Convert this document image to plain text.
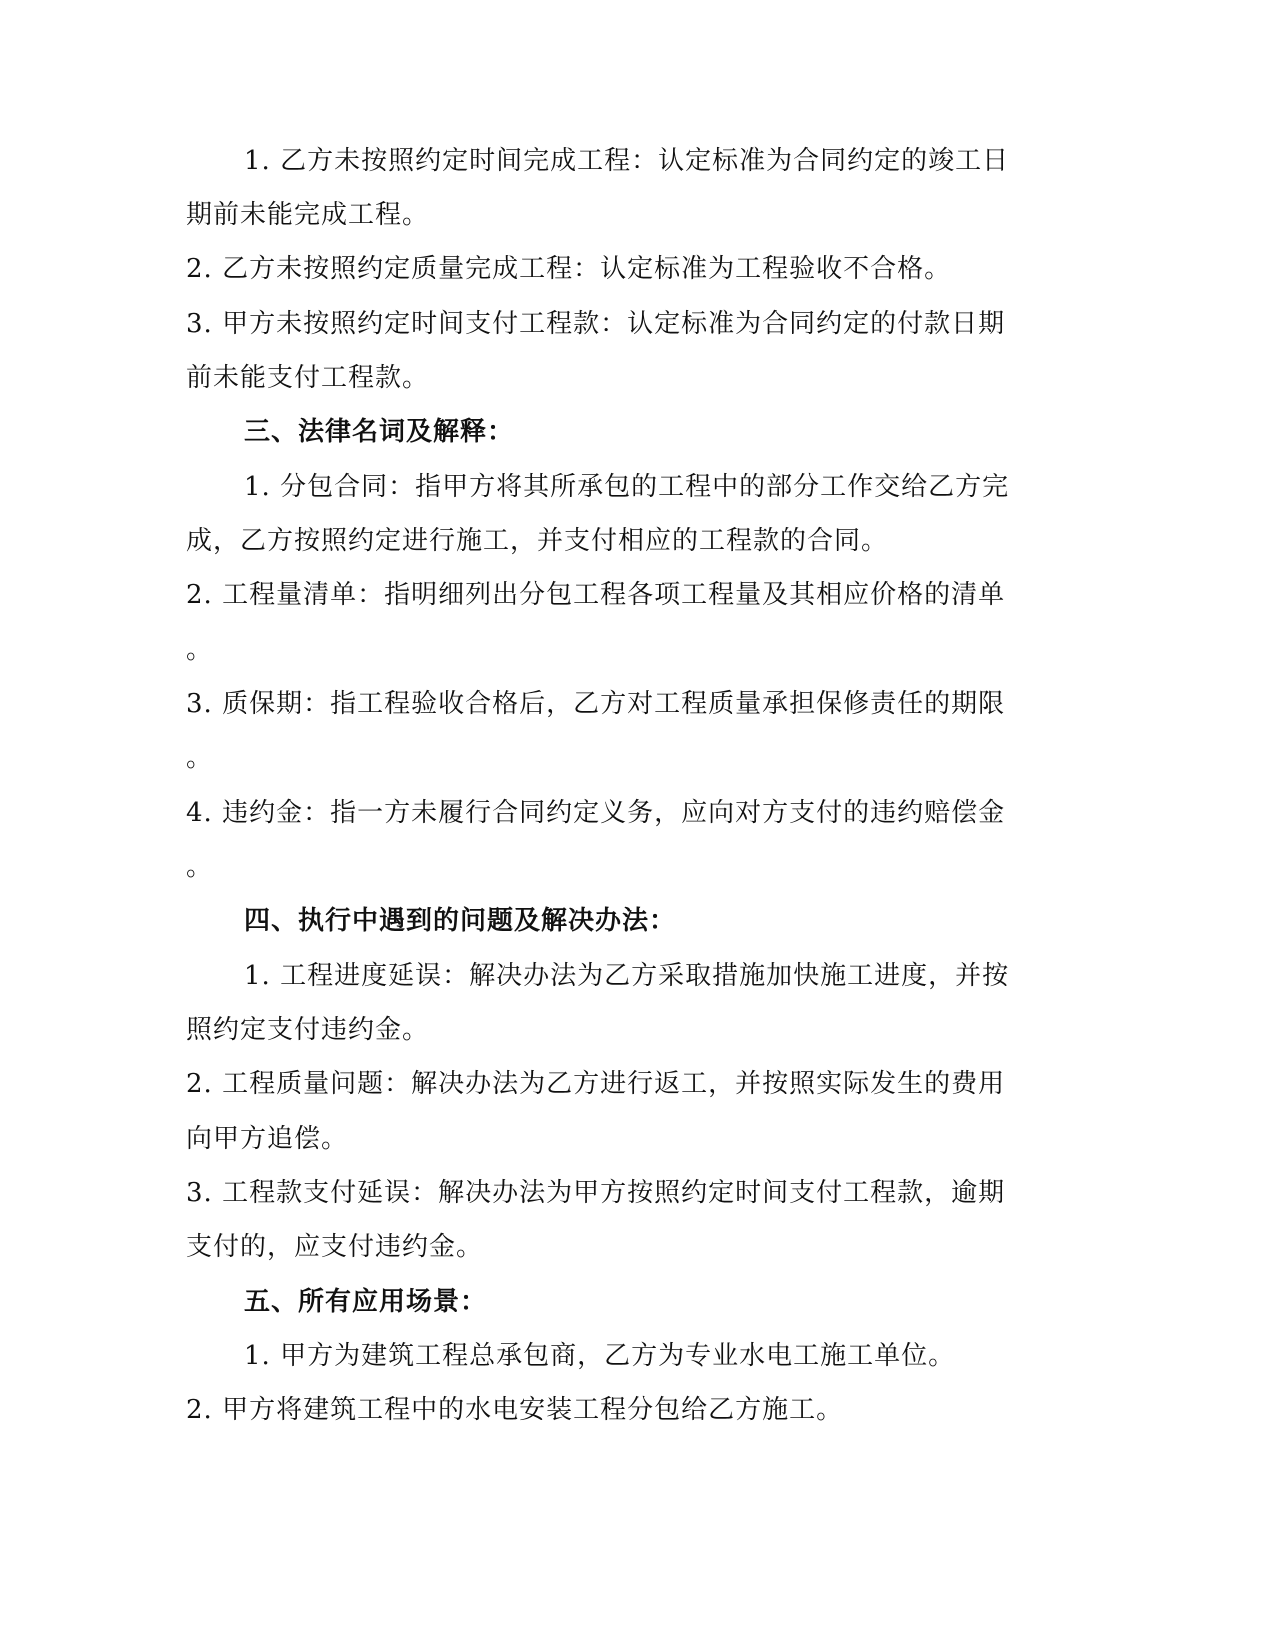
1. 乙方未按照约定时间完成工程：认定标准为合同约定的竣工日
期前未能完成工程。
2. 乙方未按照约定质量完成工程：认定标准为工程验收不合格。
3. 甲方未按照约定时间支付工程款：认定标准为合同约定的付款日期
前未能支付工程款。
三、法律名词及解释：
1. 分包合同：指甲方将其所承包的工程中的部分工作交给乙方完
成，乙方按照约定进行施工，并支付相应的工程款的合同。
2. 工程量清单：指明细列出分包工程各项工程量及其相应价格的清单
。
3. 质保期：指工程验收合格后，乙方对工程质量承担保修责任的期限
。
4. 违约金：指一方未履行合同约定义务，应向对方支付的违约赔偿金
。
四、执行中遇到的问题及解决办法：
1. 工程进度延误：解决办法为乙方采取措施加快施工进度，并按
照约定支付违约金。
2. 工程质量问题：解决办法为乙方进行返工，并按照实际发生的费用
向甲方追偿。
3. 工程款支付延误：解决办法为甲方按照约定时间支付工程款，逾期
支付的，应支付违约金。
五、所有应用场景：
1. 甲方为建筑工程总承包商，乙方为专业水电工施工单位。
2. 甲方将建筑工程中的水电安装工程分包给乙方施工。
